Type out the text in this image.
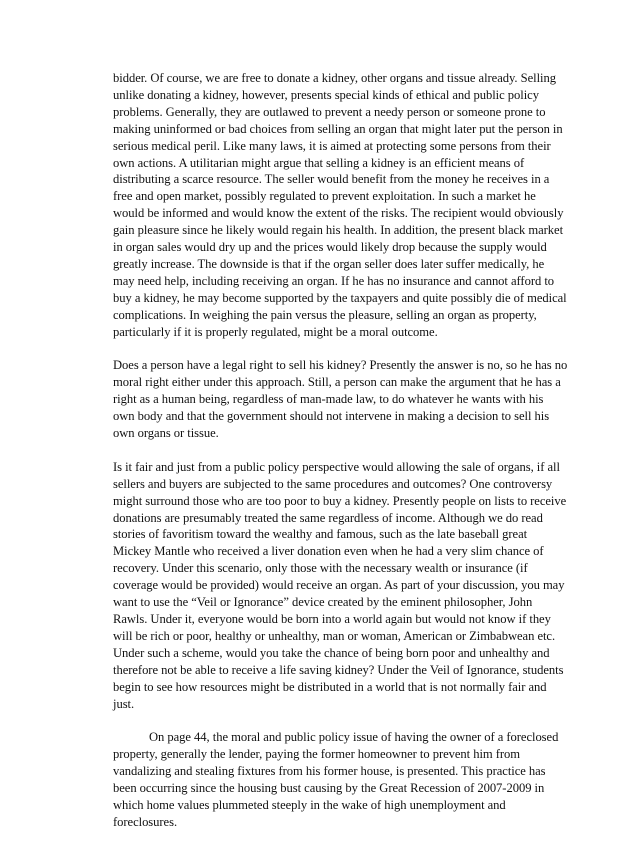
bidder. Of course, we are free to donate a kidney, other organs and tissue already. Selling unlike donating a kidney, however, presents special kinds of ethical and public policy problems. Generally, they are outlawed to prevent a needy person or someone prone to making uninformed or bad choices from selling an organ that might later put the person in serious medical peril. Like many laws, it is aimed at protecting some persons from their own actions. A utilitarian might argue that selling a kidney is an efficient means of distributing a scarce resource. The seller would benefit from the money he receives in a free and open market, possibly regulated to prevent exploitation. In such a market he would be informed and would know the extent of the risks. The recipient would obviously gain pleasure since he likely would regain his health. In addition, the present black market in organ sales would dry up and the prices would likely drop because the supply would greatly increase. The downside is that if the organ seller does later suffer medically, he may need help, including receiving an organ. If he has no insurance and cannot afford to buy a kidney, he may become supported by the taxpayers and quite possibly die of medical complications. In weighing the pain versus the pleasure, selling an organ as property, particularly if it is properly regulated, might be a moral outcome.

Does a person have a legal right to sell his kidney? Presently the answer is no, so he has no moral right either under this approach. Still, a person can make the argument that he has a right as a human being, regardless of man-made law, to do whatever he wants with his own body and that the government should not intervene in making a decision to sell his own organs or tissue.

Is it fair and just from a public policy perspective would allowing the sale of organs, if all sellers and buyers are subjected to the same procedures and outcomes? One controversy might surround those who are too poor to buy a kidney. Presently people on lists to receive donations are presumably treated the same regardless of income. Although we do read stories of favoritism toward the wealthy and famous, such as the late baseball great Mickey Mantle who received a liver donation even when he had a very slim chance of recovery. Under this scenario, only those with the necessary wealth or insurance (if coverage would be provided) would receive an organ. As part of your discussion, you may want to use the “Veil or Ignorance” device created by the eminent philosopher, John Rawls. Under it, everyone would be born into a world again but would not know if they will be rich or poor, healthy or unhealthy, man or woman, American or Zimbabwean etc. Under such a scheme, would you take the chance of being born poor and unhealthy and therefore not be able to receive a life saving kidney? Under the Veil of Ignorance, students begin to see how resources might be distributed in a world that is not normally fair and just.

On page 44, the moral and public policy issue of having the owner of a foreclosed property, generally the lender, paying the former homeowner to prevent him from vandalizing and stealing fixtures from his former house, is presented. This practice has been occurring since the housing bust causing by the Great Recession of 2007-2009 in which home values plummeted steeply in the wake of high unemployment and foreclosures.
